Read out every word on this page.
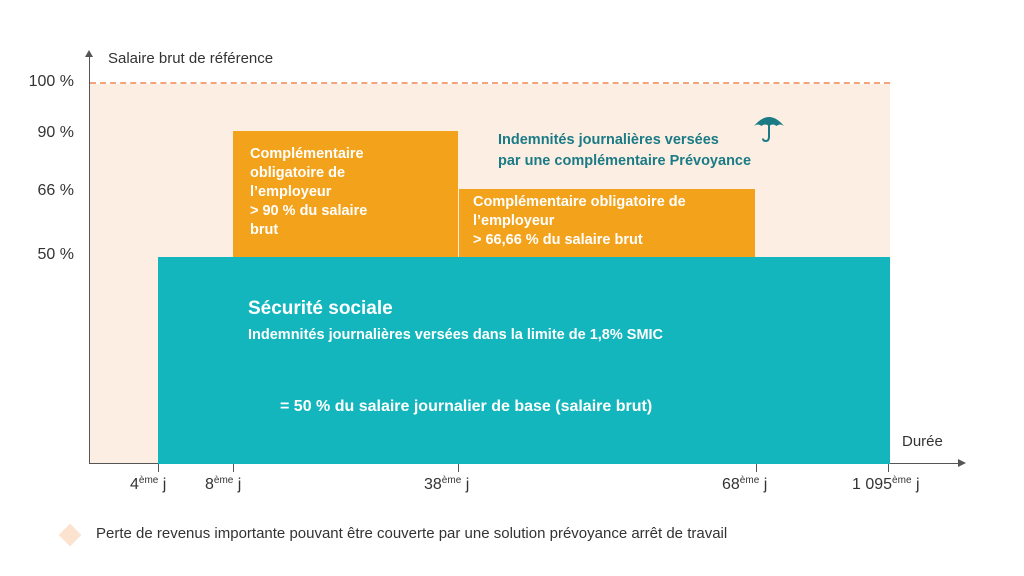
Salaire brut de référence
Durée
100 %
90 %
66 %
50 %
Complémentaire
obligatoire de
l’employeur
> 90 % du salaire
brut
Complémentaire obligatoire de
l’employeur
> 66,66 % du salaire brut
Sécurité sociale
Indemnités journalières versées dans la limite de 1,8% SMIC
= 50 % du salaire journalier de base (salaire brut)
Indemnités journalières versées
par une complémentaire Prévoyance
4ème j 8ème j	38ème j	68ème j	1 095ème j
Perte de revenus importante pouvant être couverte par une solution prévoyance arrêt de travail
